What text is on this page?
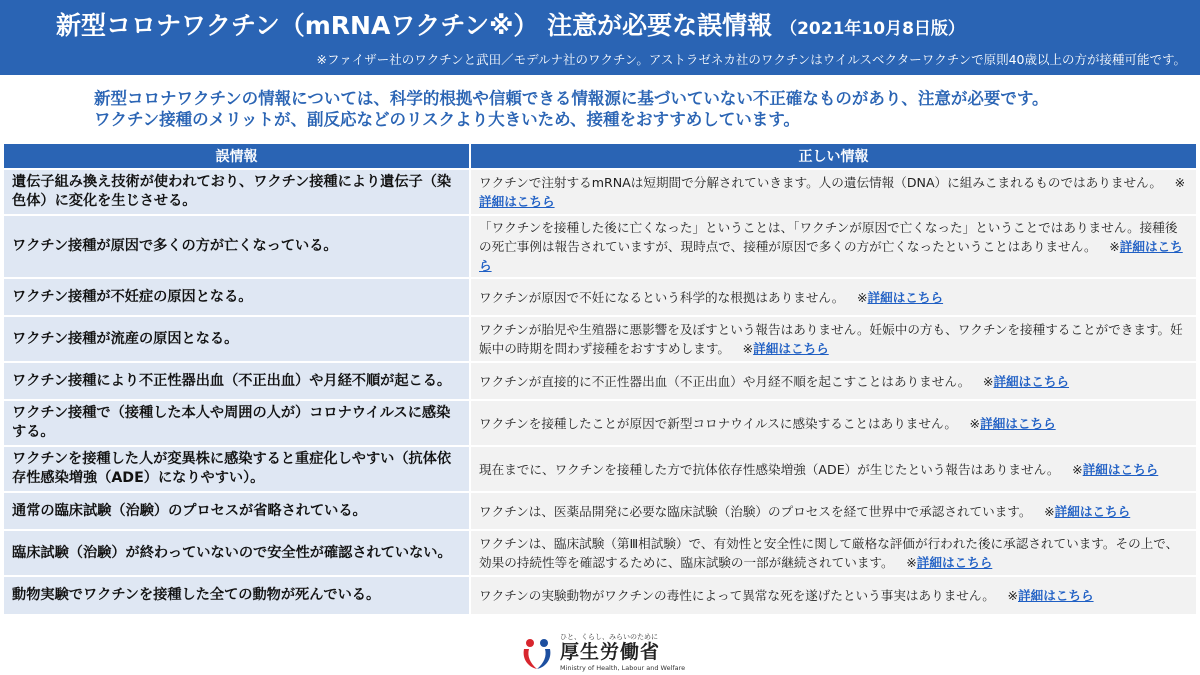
新型コロナワクチン（mRNAワクチン※） 注意が必要な誤情報 （2021年10月8日版）
※ファイザー社のワクチンと武田／モデルナ社のワクチン。アストラゼネカ社のワクチンはウイルスベクターワクチンで原則40歳以上の方が接種可能です。
新型コロナワクチンの情報については、科学的根拠や信頼できる情報源に基づいていない不正確なものがあり、注意が必要です。
ワクチン接種のメリットが、副反応などのリスクより大きいため、接種をおすすめしています。
誤情報	正しい情報
遺伝子組み換え技術が使われており、ワクチン接種により遺伝子（染色体）に変化を生じさせる。	ワクチンで注射するmRNAは短期間で分解されていきます。人の遺伝情報（DNA）に組みこまれるものではありません。  ※詳細はこちら
ワクチン接種が原因で多くの方が亡くなっている。	「ワクチンを接種した後に亡くなった」ということは、「ワクチンが原因で亡くなった」ということではありません。接種後の死亡事例は報告されていますが、現時点で、接種が原因で多くの方が亡くなったということはありません。  ※詳細はこちら
ワクチン接種が不妊症の原因となる。	ワクチンが原因で不妊になるという科学的な根拠はありません。  ※詳細はこちら
ワクチン接種が流産の原因となる。	ワクチンが胎児や生殖器に悪影響を及ぼすという報告はありません。妊娠中の方も、ワクチンを接種することができます。妊娠中の時期を問わず接種をおすすめします。  ※詳細はこちら
ワクチン接種により不正性器出血（不正出血）や月経不順が起こる。	ワクチンが直接的に不正性器出血（不正出血）や月経不順を起こすことはありません。  ※詳細はこちら
ワクチン接種で（接種した本人や周囲の人が）コロナウイルスに感染する。	ワクチンを接種したことが原因で新型コロナウイルスに感染することはありません。  ※詳細はこちら
ワクチンを接種した人が変異株に感染すると重症化しやすい（抗体依存性感染増強（ADE）になりやすい）。	現在までに、ワクチンを接種した方で抗体依存性感染増強（ADE）が生じたという報告はありません。  ※詳細はこちら
通常の臨床試験（治験）のプロセスが省略されている。	ワクチンは、医薬品開発に必要な臨床試験（治験）のプロセスを経て世界中で承認されています。  ※詳細はこちら
臨床試験（治験）が終わっていないので安全性が確認されていない。	ワクチンは、臨床試験（第Ⅲ相試験）で、有効性と安全性に関して厳格な評価が行われた後に承認されています。その上で、効果の持続性等を確認するために、臨床試験の一部が継続されています。  ※詳細はこちら
動物実験でワクチンを接種した全ての動物が死んでいる。	ワクチンの実験動物がワクチンの毒性によって異常な死を遂げたという事実はありません。  ※詳細はこちら
ひと、くらし、みらいのために
厚生労働省
Ministry of Health, Labour and Welfare
